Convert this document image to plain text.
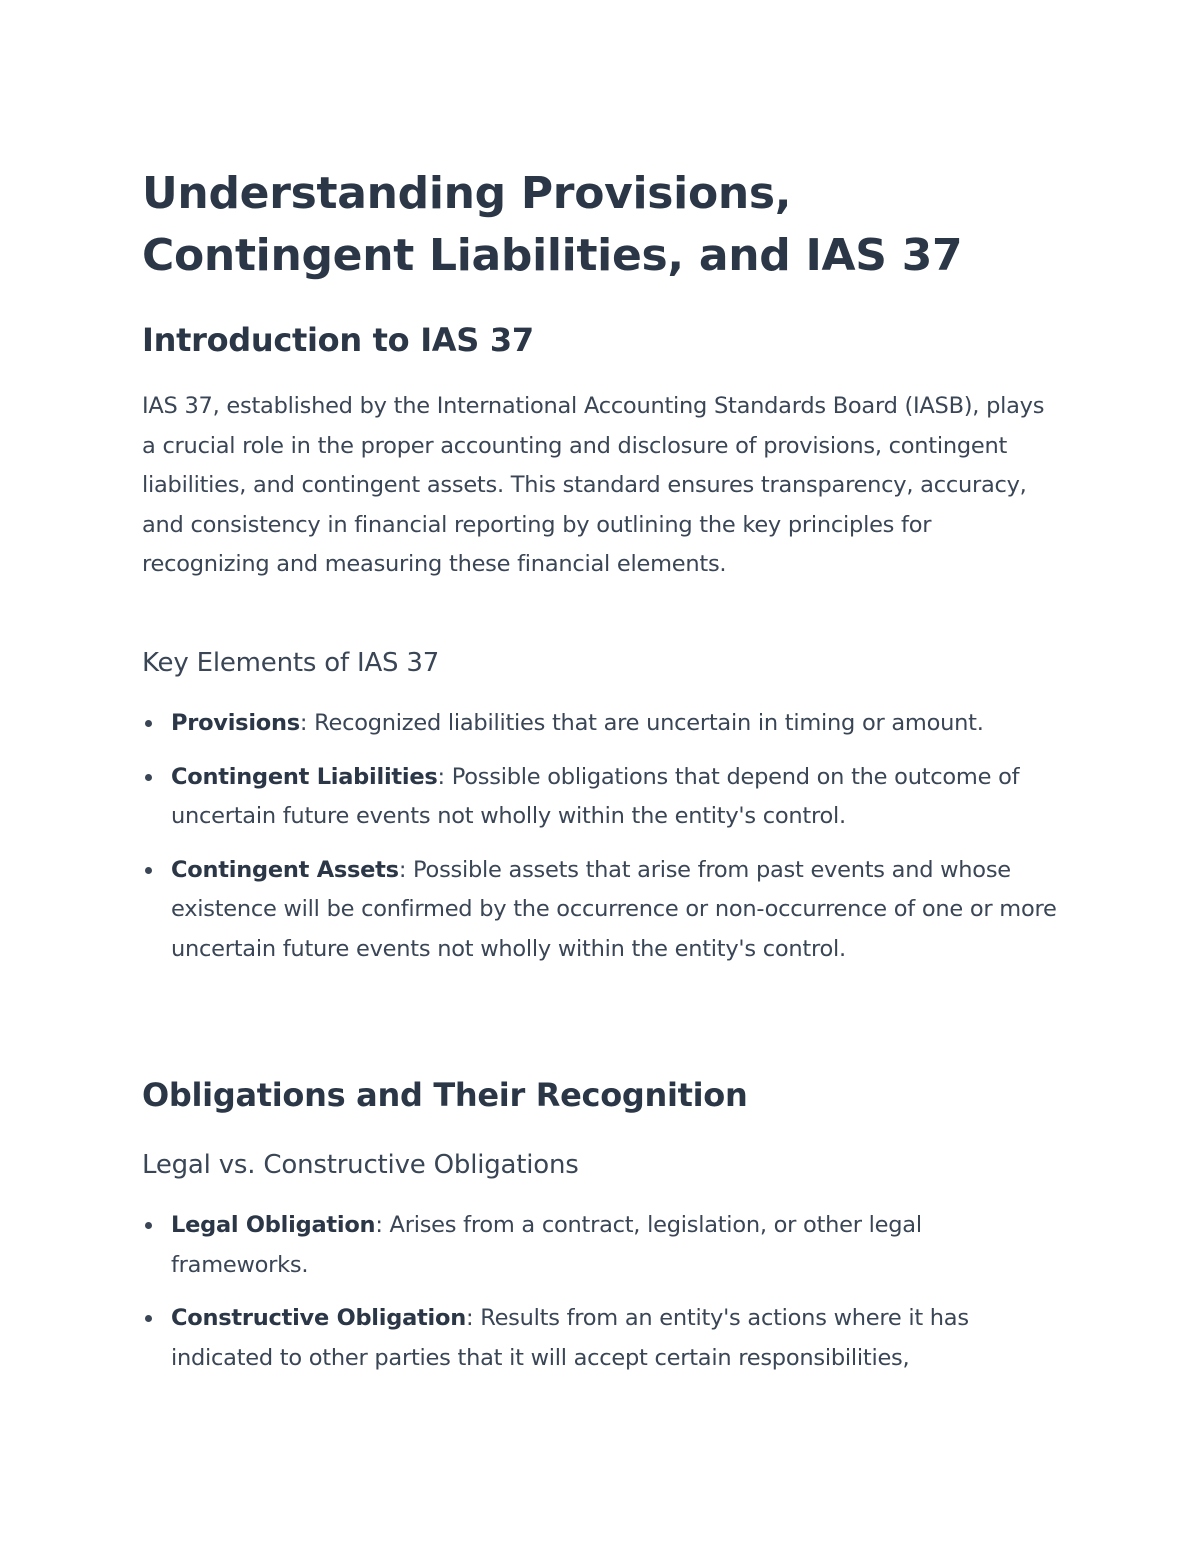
Understanding Provisions, Contingent Liabilities, and IAS 37
Introduction to IAS 37

IAS 37, established by the International Accounting Standards Board (IASB), plays a crucial role in the proper accounting and disclosure of provisions, contingent liabilities, and contingent assets. This standard ensures transparency, accuracy, and consistency in financial reporting by outlining the key principles for recognizing and measuring these financial elements.

Key Elements of IAS 37
Provisions: Recognized liabilities that are uncertain in timing or amount.
Contingent Liabilities: Possible obligations that depend on the outcome of uncertain future events not wholly within the entity's control.
Contingent Assets: Possible assets that arise from past events and whose existence will be confirmed by the occurrence or non-occurrence of one or more uncertain future events not wholly within the entity's control.
Obligations and Their Recognition
Legal vs. Constructive Obligations
Legal Obligation: Arises from a contract, legislation, or other legal frameworks.
Constructive Obligation: Results from an entity's actions where it has indicated to other parties that it will accept certain responsibilities,
